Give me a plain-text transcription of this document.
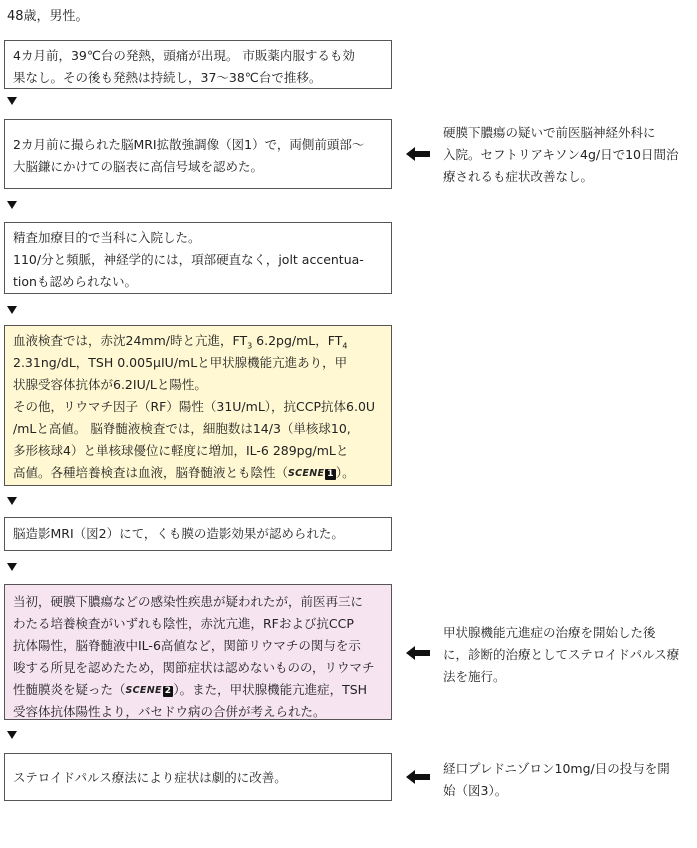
48歳，男性。

4カ月前，39℃台の発熱，頭痛が出現。 市販薬内服するも効

果なし。その後も発熱は持続し，37～38℃台で推移。

2カ月前に撮られた脳MRI拡散強調像（図1）で，両側前頭部～

大脳鎌にかけての脳表に高信号域を認めた。

硬膜下膿瘍の疑いで前医脳神経外科に

入院。セフトリアキソン4g/日で10日間治

療されるも症状改善なし。

精査加療目的で当科に入院した。

110/分と頻脈，神経学的には，項部硬直なく，jolt accentua-

tionも認められない。

血液検査では，赤沈24mm/時と亢進，$FT_3$ 6.2pg/mL，$FT_4$

2.31ng/dL，TSH 0.005μIU/mLと甲状腺機能亢進あり，甲

状腺受容体抗体が6.2IU/Lと陽性。

その他，リウマチ因子（RF）陽性（31U/mL），抗CCP抗体6.0U

/mLと高値。 脳脊髄液検査では，細胞数は14/3（単核球10,

多形核球4）と単核球優位に軽度に増加，IL-6 289pg/mLと

高値。各種培養検査は血液，脳脊髄液とも陰性（SCENE 1 ）。

脳造影MRI（図2）にて，くも膜の造影効果が認められた。

当初，硬膜下膿瘍などの感染性疾患が疑われたが，前医再三に

わたる培養検査がいずれも陰性，赤沈亢進，RFおよび抗CCP

抗体陽性，脳脊髄液中IL-6高値など，関節リウマチの関与を示

唆する所見を認めたため，関節症状は認めないものの，リウマチ

性髄膜炎を疑った（SCENE 2 ）。また，甲状腺機能亢進症，TSH

受容体抗体陽性より，バセドウ病の合併が考えられた。

甲状腺機能亢進症の治療を開始した後

に，診断的治療としてステロイドパルス療

法を施行。

ステロイドパルス療法により症状は劇的に改善。

経口プレドニゾロン10mg/日の投与を開

始（図3）。
